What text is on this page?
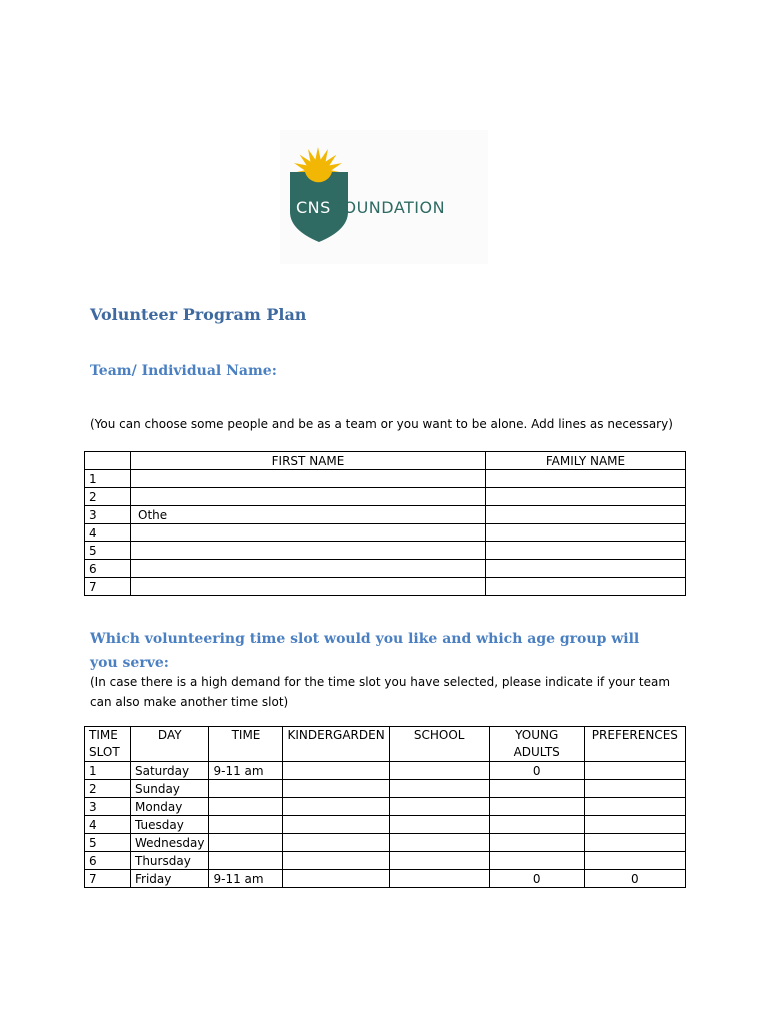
CNS FOUNDATION
Volunteer Program Plan
Team/ Individual Name:

(You can choose some people and be as a team or you want to be alone. Add lines as necessary)

	FIRST NAME	FAMILY NAME
1		
2		
3	Othe	
4		
5		
6		
7		
Which volunteering time slot would you like and which age group will you serve:

(In case there is a high demand for the time slot you have selected, please indicate if your team can also make another time slot)

TIME SLOT	DAY	TIME	KINDERGARDEN	SCHOOL	YOUNG ADULTS	PREFERENCES
1	Saturday	9-11 am			0	
2	Sunday					
3	Monday					
4	Tuesday					
5	Wednesday					
6	Thursday					
7	Friday	9-11 am			0	0
